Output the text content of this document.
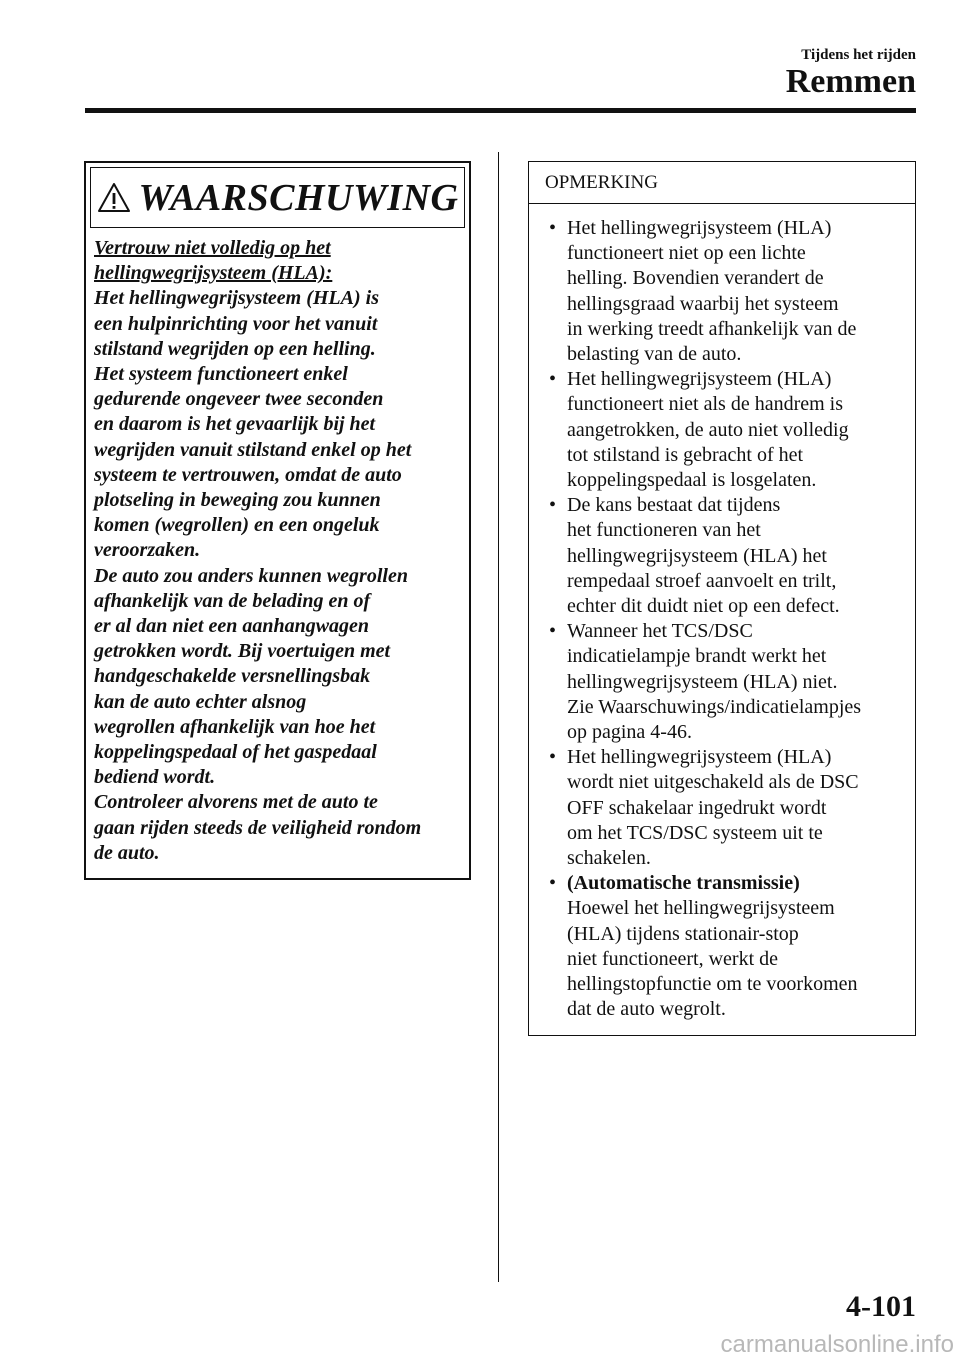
Tijdens het rijden
Remmen
WAARSCHUWING
Vertrouw niet volledig op het
hellingwegrijsysteem (HLA):
Het hellingwegrijsysteem (HLA) is
een hulpinrichting voor het vanuit
stilstand wegrijden op een helling.
Het systeem functioneert enkel
gedurende ongeveer twee seconden
en daarom is het gevaarlijk bij het
wegrijden vanuit stilstand enkel op het
systeem te vertrouwen, omdat de auto
plotseling in beweging zou kunnen
komen (wegrollen) en een ongeluk
veroorzaken.
De auto zou anders kunnen wegrollen
afhankelijk van de belading en of
er al dan niet een aanhangwagen
getrokken wordt. Bij voertuigen met
handgeschakelde versnellingsbak
kan de auto echter alsnog
wegrollen afhankelijk van hoe het
koppelingspedaal of het gaspedaal
bediend wordt.
Controleer alvorens met de auto te
gaan rijden steeds de veiligheid rondom
de auto.
OPMERKING
• Het hellingwegrijsysteem (HLA)
functioneert niet op een lichte
helling. Bovendien verandert de
hellingsgraad waarbij het systeem
in werking treedt afhankelijk van de
belasting van de auto.
• Het hellingwegrijsysteem (HLA)
functioneert niet als de handrem is
aangetrokken, de auto niet volledig
tot stilstand is gebracht of het
koppelingspedaal is losgelaten.
• De kans bestaat dat tijdens
het functioneren van het
hellingwegrijsysteem (HLA) het
rempedaal stroef aanvoelt en trilt,
echter dit duidt niet op een defect.
• Wanneer het TCS/DSC
indicatielampje brandt werkt het
hellingwegrijsysteem (HLA) niet.
Zie Waarschuwings/indicatielampjes
op pagina 4-46.
• Het hellingwegrijsysteem (HLA)
wordt niet uitgeschakeld als de DSC
OFF schakelaar ingedrukt wordt
om het TCS/DSC systeem uit te
schakelen.
• (Automatische transmissie)
Hoewel het hellingwegrijsysteem
(HLA) tijdens stationair-stop
niet functioneert, werkt de
hellingstopfunctie om te voorkomen
dat de auto wegrolt.
4-101
carmanualsonline.info
